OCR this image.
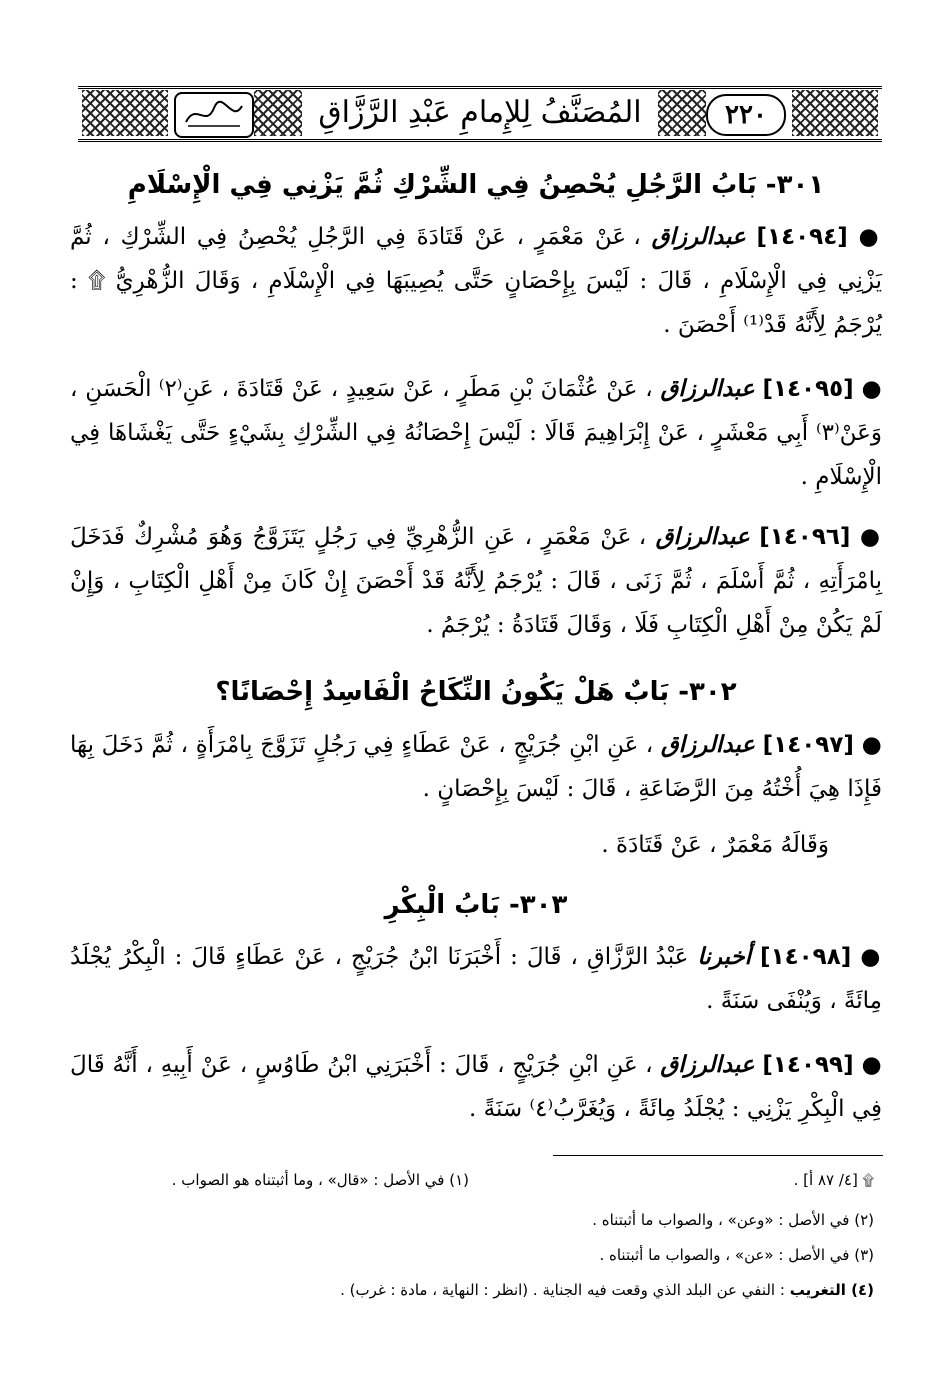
٢٢٠
المُصَنَّفُ لِلإِمامِ عَبْدِ الرَّزَّاقِ
٣٠١- بَابُ الرَّجُلِ يُحْصِنُ فِي الشِّرْكِ ثُمَّ يَزْنِي فِي الْإِسْلَامِ
● [١٤٠٩٤] عبدالرزاق ، عَنْ مَعْمَرٍ ، عَنْ قَتَادَةَ فِي الرَّجُلِ يُحْصِنُ فِي الشِّرْكِ ، ثُمَّ يَزْنِي فِي الْإِسْلَامِ ، قَالَ : لَيْسَ بِإِحْصَانٍ حَتَّى يُصِيبَهَا فِي الْإِسْلَامِ ، وَقَالَ الزُّهْرِيُّ ۩ : يُرْجَمُ لِأَنَّهُ قَدْ⁽¹⁾ أَحْصَنَ .
● [١٤٠٩٥] عبدالرزاق ، عَنْ عُثْمَانَ بْنِ مَطَرٍ ، عَنْ سَعِيدٍ ، عَنْ قَتَادَةَ ، عَنِ⁽٢⁾ الْحَسَنِ ، وَعَنْ⁽٣⁾ أَبِي مَعْشَرٍ ، عَنْ إِبْرَاهِيمَ قَالَا : لَيْسَ إِحْصَانُهُ فِي الشِّرْكِ بِشَيْءٍ حَتَّى يَغْشَاهَا فِي الْإِسْلَامِ .
● [١٤٠٩٦] عبدالرزاق ، عَنْ مَعْمَرٍ ، عَنِ الزُّهْرِيِّ فِي رَجُلٍ يَتَزَوَّجُ وَهُوَ مُشْرِكٌ فَدَخَلَ بِامْرَأَتِهِ ، ثُمَّ أَسْلَمَ ، ثُمَّ زَنَى ، قَالَ : يُرْجَمُ لِأَنَّهُ قَدْ أَحْصَنَ إِنْ كَانَ مِنْ أَهْلِ الْكِتَابِ ، وَإِنْ لَمْ يَكُنْ مِنْ أَهْلِ الْكِتَابِ فَلَا ، وَقَالَ قَتَادَةُ : يُرْجَمُ .
٣٠٢- بَابٌ هَلْ يَكُونُ النِّكَاحُ الْفَاسِدُ إِحْصَانًا؟
● [١٤٠٩٧] عبدالرزاق ، عَنِ ابْنِ جُرَيْجٍ ، عَنْ عَطَاءٍ فِي رَجُلٍ تَزَوَّجَ بِامْرَأَةٍ ، ثُمَّ دَخَلَ بِهَا فَإِذَا هِيَ أُخْتُهُ مِنَ الرَّضَاعَةِ ، قَالَ : لَيْسَ بِإِحْصَانٍ .
وَقَالَهُ مَعْمَرٌ ، عَنْ قَتَادَةَ .
٣٠٣- بَابُ الْبِكْرِ
● [١٤٠٩٨] أخبرنا عَبْدُ الرَّزَّاقِ ، قَالَ : أَخْبَرَنَا ابْنُ جُرَيْجٍ ، عَنْ عَطَاءٍ قَالَ : الْبِكْرُ يُجْلَدُ مِائَةً ، وَيُنْفَى سَنَةً .
● [١٤٠٩٩] عبدالرزاق ، عَنِ ابْنِ جُرَيْجٍ ، قَالَ : أَخْبَرَنِي ابْنُ طَاوُسٍ ، عَنْ أَبِيهِ ، أَنَّهُ قَالَ فِي الْبِكْرِ يَزْنِي : يُجْلَدُ مِائَةً ، وَيُغَرَّبُ⁽٤⁾ سَنَةً .
۩ [٤/ ٨٧ أ] .
(١) في الأصل : «قال» ، وما أثبتناه هو الصواب .
(٢) في الأصل : «وعن» ، والصواب ما أثبتناه .
(٣) في الأصل : «عن» ، والصواب ما أثبتناه .
(٤) التغريب : النفي عن البلد الذي وقعت فيه الجناية . (انظر : النهاية ، مادة : غرب) .
